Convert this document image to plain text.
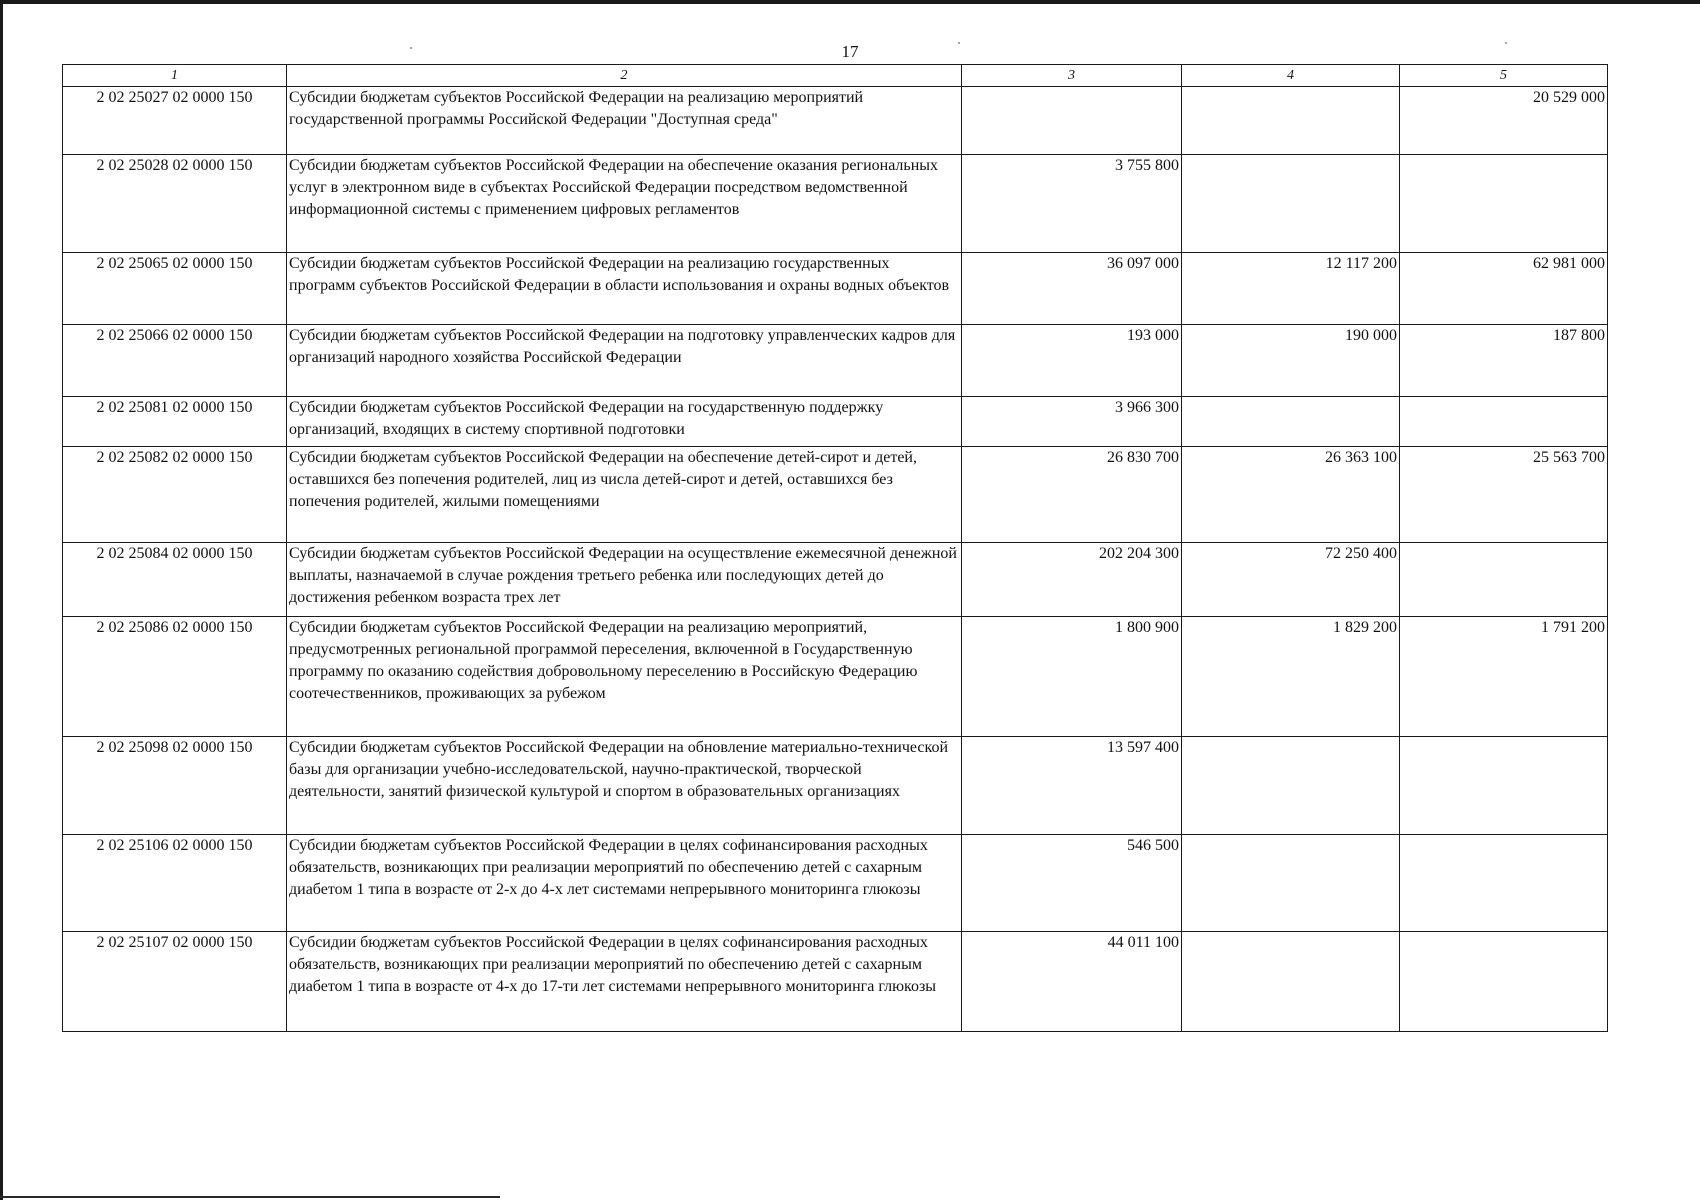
17
1	2	3	4	5
2 02 25027 02 0000 150	Субсидии бюджетам субъектов Российской Федерации на реализацию мероприятий государственной программы Российской Федерации "Доступная среда"			20 529 000
2 02 25028 02 0000 150	Субсидии бюджетам субъектов Российской Федерации на обеспечение оказания региональных услуг в электронном виде в субъектах Российской Федерации посредством ведомственной информационной системы с применением цифровых регламентов	3 755 800		
2 02 25065 02 0000 150	Субсидии бюджетам субъектов Российской Федерации на реализацию государственных программ субъектов Российской Федерации в области использования и охраны водных объектов	36 097 000	12 117 200	62 981 000
2 02 25066 02 0000 150	Субсидии бюджетам субъектов Российской Федерации на подготовку управленческих кадров для организаций народного хозяйства Российской Федерации	193 000	190 000	187 800
2 02 25081 02 0000 150	Субсидии бюджетам субъектов Российской Федерации на государственную поддержку организаций, входящих в систему спортивной подготовки	3 966 300		
2 02 25082 02 0000 150	Субсидии бюджетам субъектов Российской Федерации на обеспечение детей-сирот и детей, оставшихся без попечения родителей, лиц из числа детей-сирот и детей, оставшихся без попечения родителей, жилыми помещениями	26 830 700	26 363 100	25 563 700
2 02 25084 02 0000 150	Субсидии бюджетам субъектов Российской Федерации на осуществление ежемесячной денежной выплаты, назначаемой в случае рождения третьего ребенка или последующих детей до достижения ребенком возраста трех лет	202 204 300	72 250 400	
2 02 25086 02 0000 150	Субсидии бюджетам субъектов Российской Федерации на реализацию мероприятий, предусмотренных региональной программой переселения, включенной в Государственную программу по оказанию содействия добровольному переселению в Российскую Федерацию соотечественников, проживающих за рубежом	1 800 900	1 829 200	1 791 200
2 02 25098 02 0000 150	Субсидии бюджетам субъектов Российской Федерации на обновление материально-технической базы для организации учебно-исследовательской, научно-практической, творческой деятельности, занятий физической культурой и спортом в образовательных организациях	13 597 400		
2 02 25106 02 0000 150	Субсидии бюджетам субъектов Российской Федерации в целях софинансирования расходных обязательств, возникающих при реализации мероприятий по обеспечению детей с сахарным диабетом 1 типа в возрасте от 2-х до 4-х лет системами непрерывного мониторинга глюкозы	546 500		
2 02 25107 02 0000 150	Субсидии бюджетам субъектов Российской Федерации в целях софинансирования расходных обязательств, возникающих при реализации мероприятий по обеспечению детей с сахарным диабетом 1 типа в возрасте от 4-х до 17-ти лет системами непрерывного мониторинга глюкозы	44 011 100		
